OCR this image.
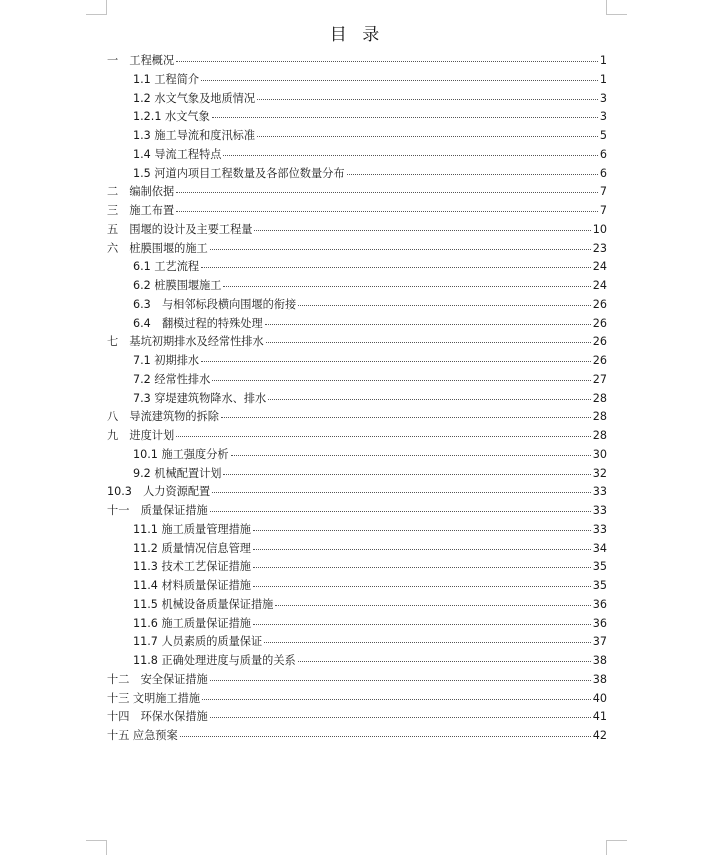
目 录
一　工程概况	1
1.1 工程简介	1
1.2 水文气象及地质情况	3
1.2.1 水文气象	3
1.3 施工导流和度汛标准	5
1.4 导流工程特点	6
1.5 河道内项目工程数量及各部位数量分布	6
二　编制依据	7
三　施工布置	7
五　围堰的设计及主要工程量	10
六　桩膜围堰的施工	23
6.1 工艺流程	24
6.2 桩膜围堰施工	24
6.3　与相邻标段横向围堰的衔接	26
6.4　翻模过程的特殊处理	26
七　基坑初期排水及经常性排水	26
7.1 初期排水	26
7.2 经常性排水	27
7.3 穿堤建筑物降水、排水	28
八　导流建筑物的拆除	28
九　进度计划	28
10.1 施工强度分析	30
9.2 机械配置计划	32
10.3　人力资源配置	33
十一　质量保证措施	33
11.1 施工质量管理措施	33
11.2 质量情况信息管理	34
11.3 技术工艺保证措施	35
11.4 材料质量保证措施	35
11.5 机械设备质量保证措施	36
11.6 施工质量保证措施	36
11.7 人员素质的质量保证	37
11.8 正确处理进度与质量的关系	38
十二　安全保证措施	38
十三 文明施工措施	40
十四　环保水保措施	41
十五 应急预案	42
